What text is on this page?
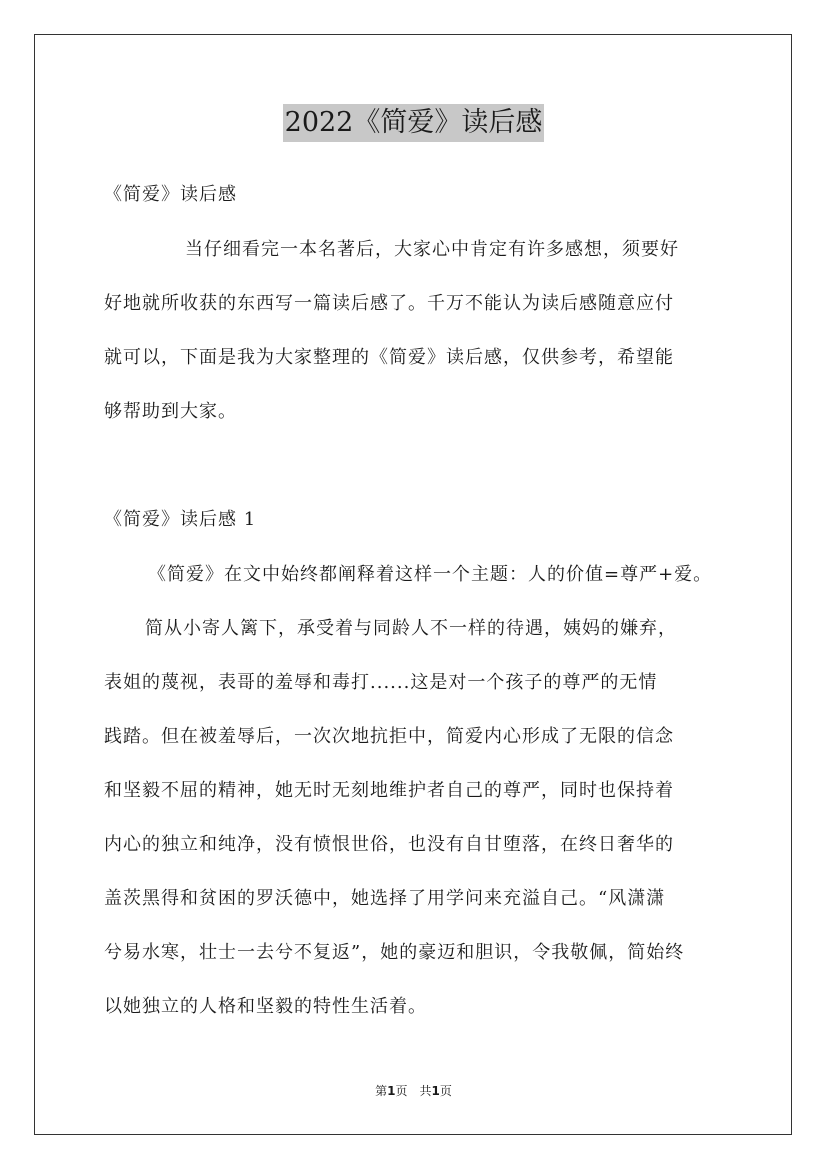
2022《简爱》读后感
《简爱》读后感
当仔细看完一本名著后，大家心中肯定有许多感想，须要好
好地就所收获的东西写一篇读后感了。千万不能认为读后感随意应付
就可以，下面是我为大家整理的《简爱》读后感，仅供参考，希望能
够帮助到大家。
《简爱》读后感 1
《简爱》在文中始终都阐释着这样一个主题：人的价值=尊严+爱。
简从小寄人篱下，承受着与同龄人不一样的待遇，姨妈的嫌弃，
表姐的蔑视，表哥的羞辱和毒打......这是对一个孩子的尊严的无情
践踏。但在被羞辱后，一次次地抗拒中，简爱内心形成了无限的信念
和坚毅不屈的精神，她无时无刻地维护者自己的尊严，同时也保持着
内心的独立和纯净，没有愤恨世俗，也没有自甘堕落，在终日奢华的
盖茨黑得和贫困的罗沃德中，她选择了用学问来充溢自己。“风潇潇
兮易水寒，壮士一去兮不复返”，她的豪迈和胆识，令我敬佩，简始终
以她独立的人格和坚毅的特性生活着。
第1页　共1页
